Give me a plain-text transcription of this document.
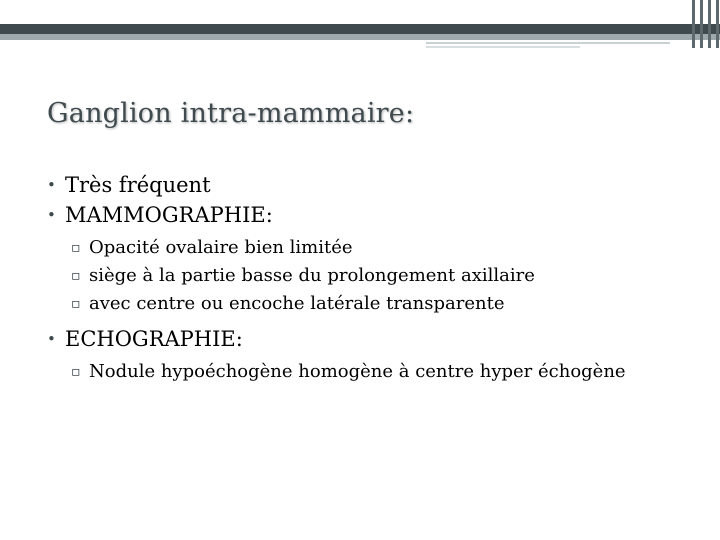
Ganglion intra-mammaire:
• Très fréquent
• MAMMOGRAPHIE:
▫ Opacité ovalaire bien limitée
▫ siège à la partie basse du prolongement axillaire
▫ avec centre ou encoche latérale transparente
• ECHOGRAPHIE:
▫ Nodule hypoéchogène homogène à centre hyper échogène
